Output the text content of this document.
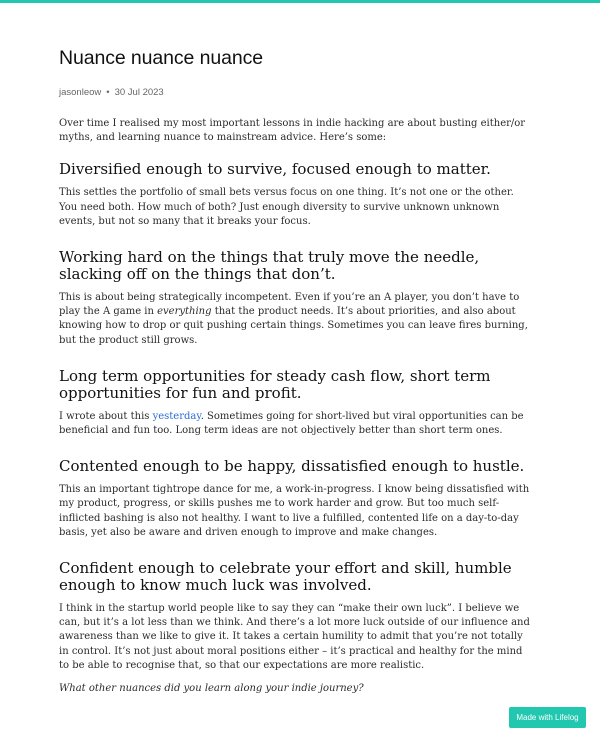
Nuance nuance nuance
jasonleow • 30 Jul 2023

Over time I realised my most important lessons in indie hacking are about busting either/or myths, and learning nuance to mainstream advice. Here’s some:

Diversified enough to survive, focused enough to matter.

This settles the portfolio of small bets versus focus on one thing. It’s not one or the other. You need both. How much of both? Just enough diversity to survive unknown unknown events, but not so many that it breaks your focus.

Working hard on the things that truly move the needle, slacking off on the things that don’t.

This is about being strategically incompetent. Even if you’re an A player, you don’t have to play the A game in everything that the product needs. It’s about priorities, and also about knowing how to drop or quit pushing certain things. Sometimes you can leave fires burning, but the product still grows.

Long term opportunities for steady cash flow, short term opportunities for fun and profit.

I wrote about this yesterday. Sometimes going for short-lived but viral opportunities can be beneficial and fun too. Long term ideas are not objectively better than short term ones.

Contented enough to be happy, dissatisfied enough to hustle.

This an important tightrope dance for me, a work-in-progress. I know being dissatisfied with my product, progress, or skills pushes me to work harder and grow. But too much self-inflicted bashing is also not healthy. I want to live a fulfilled, contented life on a day-to-day basis, yet also be aware and driven enough to improve and make changes.

Confident enough to celebrate your effort and skill, humble enough to know much luck was involved.

I think in the startup world people like to say they can “make their own luck”. I believe we can, but it’s a lot less than we think. And there’s a lot more luck outside of our influence and awareness than we like to give it. It takes a certain humility to admit that you’re not totally in control. It’s not just about moral positions either – it’s practical and healthy for the mind to be able to recognise that, so that our expectations are more realistic.

What other nuances did you learn along your indie journey?

Made with Lifelog
